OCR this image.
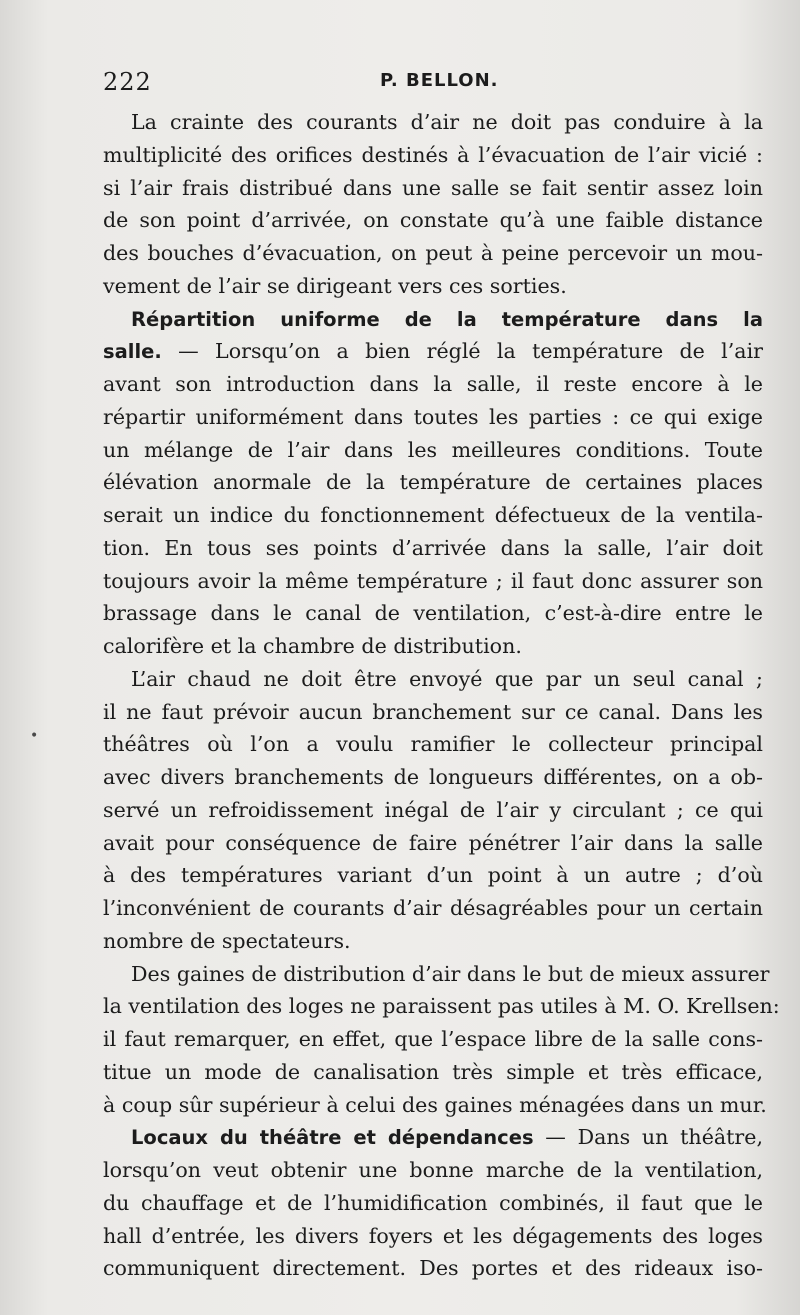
222	P. BELLON.
La crainte des courants d’air ne doit pas conduire à la
multiplicité des orifices destinés à l’évacuation de l’air vicié :
si l’air frais distribué dans une salle se fait sentir assez loin
de son point d’arrivée, on constate qu’à une faible distance
des bouches d’évacuation, on peut à peine percevoir un mou-
vement de l’air se dirigeant vers ces sorties.
Répartition uniforme de la température dans la
salle. — Lorsqu’on a bien réglé la température de l’air
avant son introduction dans la salle, il reste encore à le
répartir uniformément dans toutes les parties : ce qui exige
un mélange de l’air dans les meilleures conditions. Toute
élévation anormale de la température de certaines places
serait un indice du fonctionnement défectueux de la ventila-
tion. En tous ses points d’arrivée dans la salle, l’air doit
toujours avoir la même température ; il faut donc assurer son
brassage dans le canal de ventilation, c’est-à-dire entre le
calorifère et la chambre de distribution.
L’air chaud ne doit être envoyé que par un seul canal ;
il ne faut prévoir aucun branchement sur ce canal. Dans les
théâtres où l’on a voulu ramifier le collecteur principal
avec divers branchements de longueurs différentes, on a ob-
servé un refroidissement inégal de l’air y circulant ; ce qui
avait pour conséquence de faire pénétrer l’air dans la salle
à des températures variant d’un point à un autre ; d’où
l’inconvénient de courants d’air désagréables pour un certain
nombre de spectateurs.
Des gaines de distribution d’air dans le but de mieux assurer
la ventilation des loges ne paraissent pas utiles à M. O. Krellsen:
il faut remarquer, en effet, que l’espace libre de la salle cons-
titue un mode de canalisation très simple et très efficace,
à coup sûr supérieur à celui des gaines ménagées dans un mur.
Locaux du théâtre et dépendances — Dans un théâtre,
lorsqu’on veut obtenir une bonne marche de la ventilation,
du chauffage et de l’humidification combinés, il faut que le
hall d’entrée, les divers foyers et les dégagements des loges
communiquent directement. Des portes et des rideaux iso-
•
